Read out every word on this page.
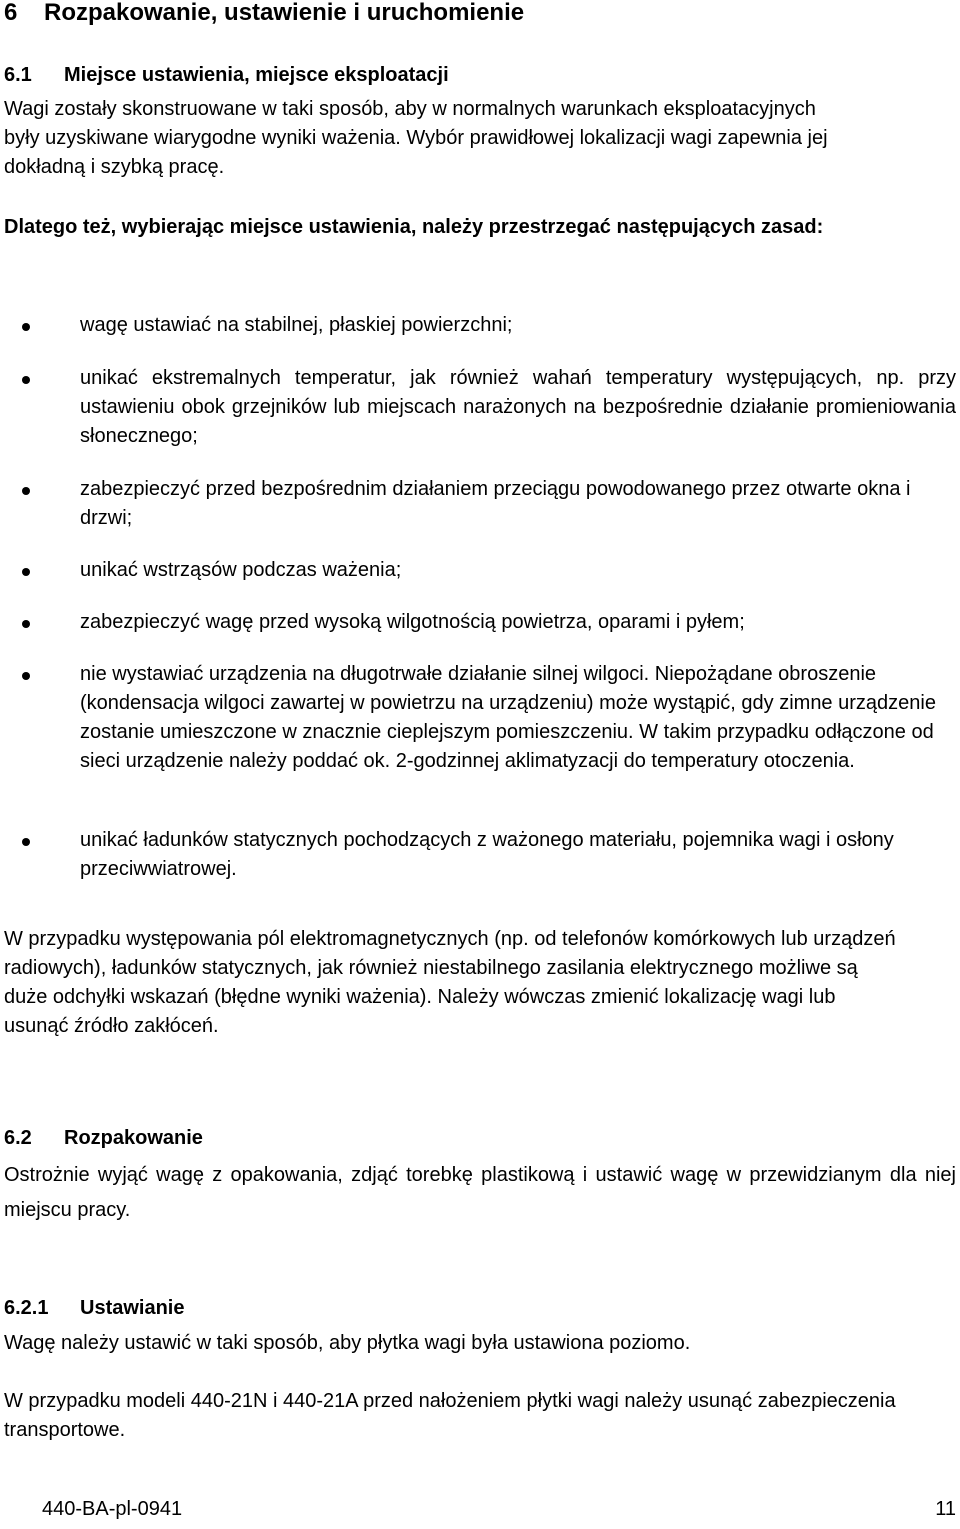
6 Rozpakowanie, ustawienie i uruchomienie
6.1 Miejsce ustawienia, miejsce eksploatacji

Wagi zostały skonstruowane w taki sposób, aby w normalnych warunkach eksploatacyjnych były uzyskiwane wiarygodne wyniki ważenia. Wybór prawidłowej lokalizacji wagi zapewnia jej dokładną i szybką pracę.

Dlatego też, wybierając miejsce ustawienia, należy przestrzegać następujących zasad:

wagę ustawiać na stabilnej, płaskiej powierzchni;

unikać ekstremalnych temperatur, jak również wahań temperatury występujących, np. przy ustawieniu obok grzejników lub miejscach narażonych na bezpośrednie działanie promieniowania słonecznego;

zabezpieczyć przed bezpośrednim działaniem przeciągu powodowanego przez otwarte okna i drzwi;

unikać wstrząsów podczas ważenia;

zabezpieczyć wagę przed wysoką wilgotnością powietrza, oparami i pyłem;

nie wystawiać urządzenia na długotrwałe działanie silnej wilgoci. Niepożądane obroszenie (kondensacja wilgoci zawartej w powietrzu na urządzeniu) może wystąpić, gdy zimne urządzenie zostanie umieszczone w znacznie cieplejszym pomieszczeniu. W takim przypadku odłączone od sieci urządzenie należy poddać ok. 2-godzinnej aklimatyzacji do temperatury otoczenia.

unikać ładunków statycznych pochodzących z ważonego materiału, pojemnika wagi i osłony przeciwwiatrowej.

W przypadku występowania pól elektromagnetycznych (np. od telefonów komórkowych lub urządzeń radiowych), ładunków statycznych, jak również niestabilnego zasilania elektrycznego możliwe są duże odchyłki wskazań (błędne wyniki ważenia). Należy wówczas zmienić lokalizację wagi lub usunąć źródło zakłóceń.

6.2 Rozpakowanie

Ostrożnie wyjąć wagę z opakowania, zdjąć torebkę plastikową i ustawić wagę w przewidzianym dla niej miejscu pracy.

6.2.1 Ustawianie

Wagę należy ustawić w taki sposób, aby płytka wagi była ustawiona poziomo.

W przypadku modeli 440-21N i 440-21A przed nałożeniem płytki wagi należy usunąć zabezpieczenia transportowe.

440-BA-pl-0941	11
